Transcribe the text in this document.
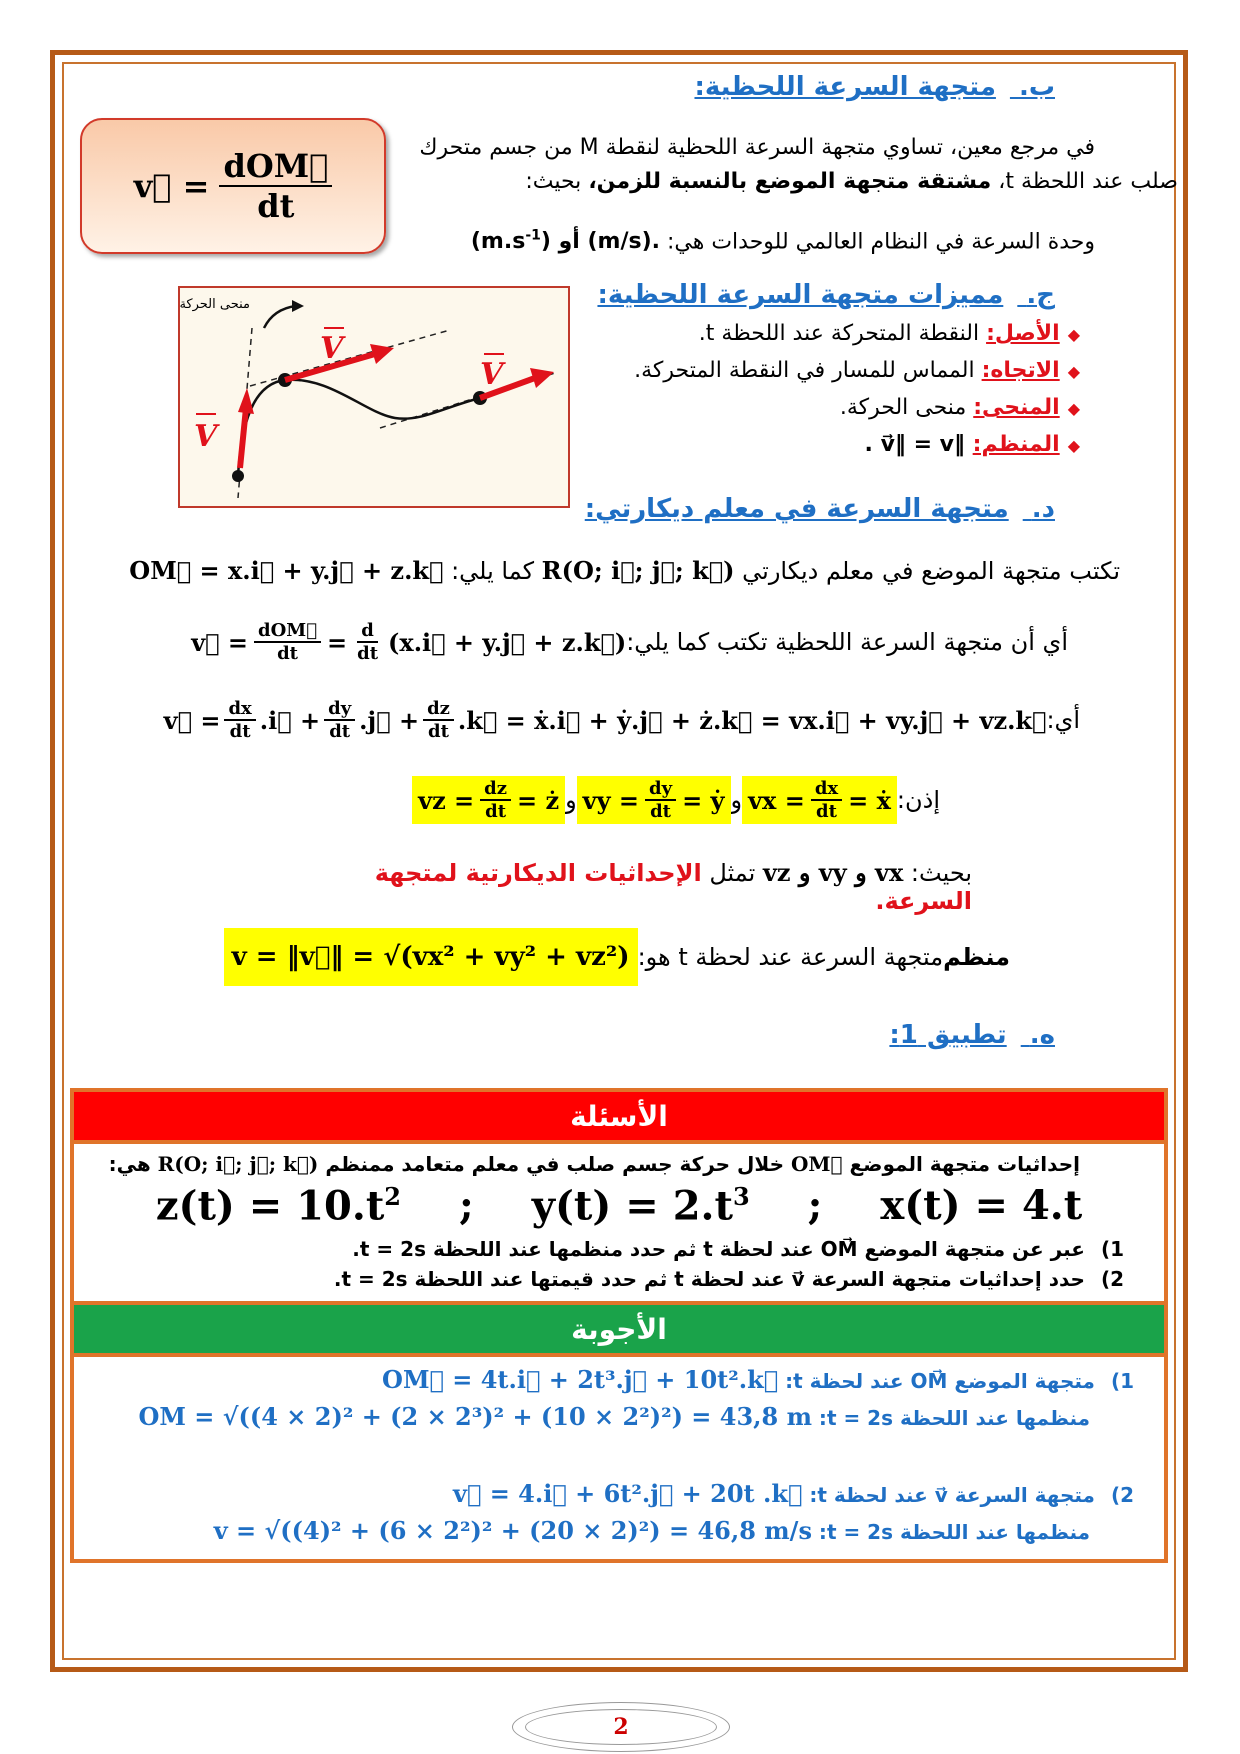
ب. متجهة السرعة اللحظية:
في مرجع معين، تساوي متجهة السرعة اللحظية لنقطة M من جسم متحرك
صلب عند اللحظة t، مشتقة متجهة الموضع بالنسبة للزمن، بحيث:
وحدة السرعة في النظام العالمي للوحدات هي: $(m.s^{-1})$ أو (m/s).
v⃗ = $\frac{\text{dOM⃗}}{dt}$
ج. مميزات متجهة السرعة اللحظية:
◆الأصل: النقطة المتحركة عند اللحظة t.
◆الاتجاه: المماس للمسار في النقطة المتحركة.
◆المنحى: منحى الحركة.
◆المنظم: ‖v⃗‖ = v .
منحى الحركة
V
V
V
د. متجهة السرعة في معلم ديكارتي:
تكتب متجهة الموضع في معلم ديكارتي R(O; i⃗; j⃗; k⃗) كما يلي: OM⃗ = x.i⃗ + y.j⃗ + z.k⃗
أي أن متجهة السرعة اللحظية تكتب كما يلي:
v⃗ = $\frac{\text{dOM⃗}}{dt} = \frac{d}{dt}$ (x.i⃗ + y.j⃗ + z.k⃗)
أي:
v⃗ = $\frac{dx}{dt}$ .i⃗ + $\frac{dy}{dt}$ .j⃗ + $\frac{dz}{dt}$ .k⃗ = ẋ.i⃗ + ẏ.j⃗ + ż.k⃗ = vx.i⃗ + vy.j⃗ + vz.k⃗
إذن:
vx = $\frac{dx}{dt}$ = ẋ
و
vy = $\frac{dy}{dt}$ = ẏ
و
vz = $\frac{dz}{dt}$ = ż
بحيث: vx و vy و vz تمثل الإحداثيات الديكارتية لمتجهة السرعة.
منظم
متجهة السرعة عند لحظة t هو:
v = ‖v⃗‖ = √(vx² + vy² + vz²)
ه. تطبيق 1:
الأسئلة
إحداثيات متجهة الموضع OM⃗ خلال حركة جسم صلب في معلم متعامد ممنظم R(O; i⃗; j⃗; k⃗) هي:
$z(t) = 10.t^2$ ; $y(t) = 2.t^3$ ; x(t) = 4.t
1)عبر عن متجهة الموضع OM⃗ عند لحظة t ثم حدد منظمها عند اللحظة t = 2s.
2)حدد إحداثيات متجهة السرعة v⃗ عند لحظة t ثم حدد قيمتها عند اللحظة t = 2s.
الأجوبة
1)متجهة الموضع OM⃗ عند لحظة t: OM⃗ = 4t.i⃗ + 2t³.j⃗ + 10t².k⃗
منظمها عند اللحظة t = 2s: OM = √((4 × 2)² + (2 × 2³)² + (10 × 2²)²) = 43,8 m
2)متجهة السرعة v⃗ عند لحظة t: v⃗ = 4.i⃗ + 6t².j⃗ + 20t .k⃗
منظمها عند اللحظة t = 2s: v = √((4)² + (6 × 2²)² + (20 × 2)²) = 46,8 m/s
2
